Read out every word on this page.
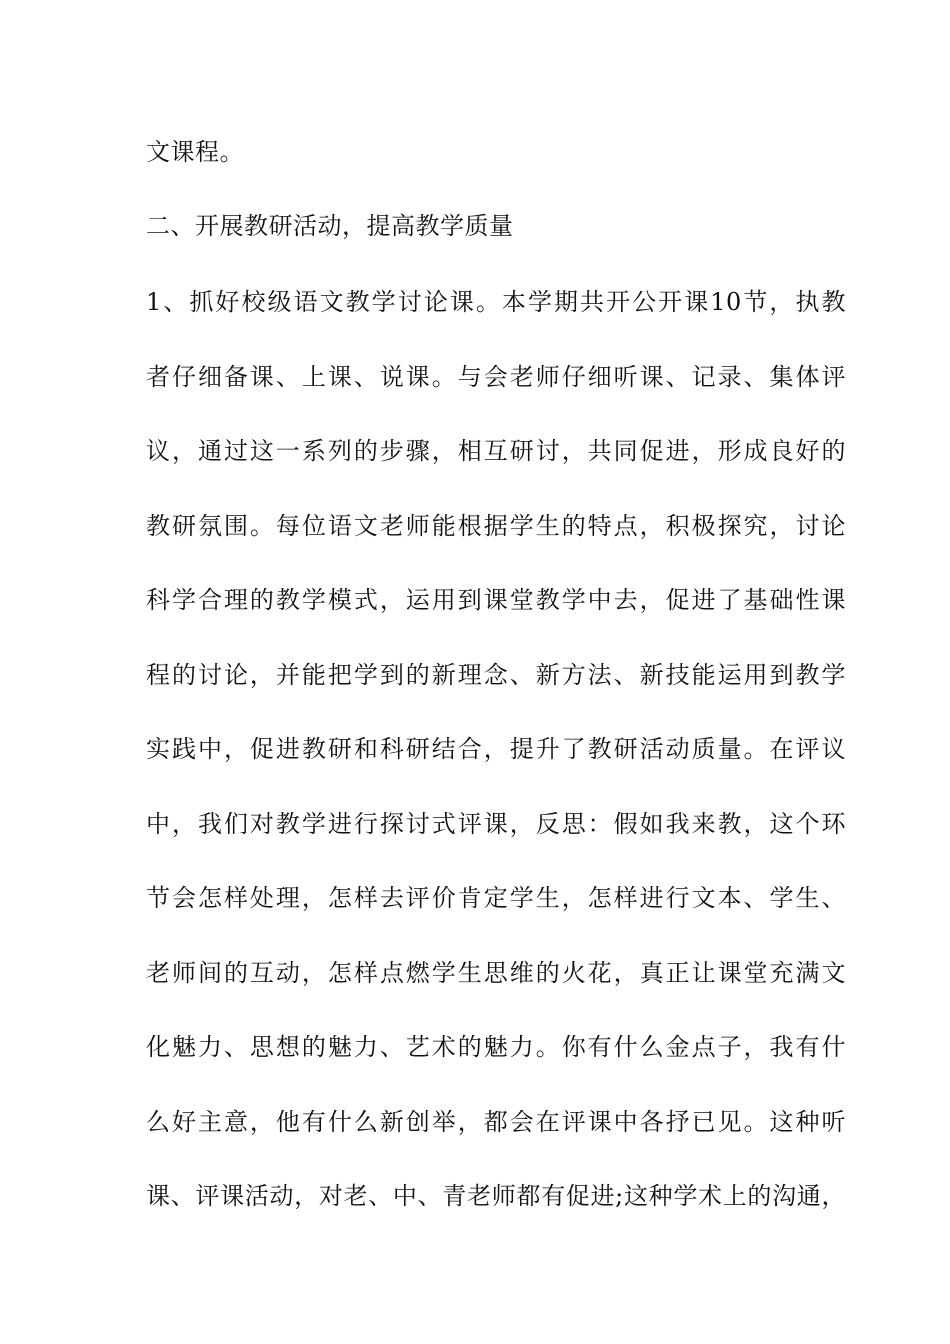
文课程。
二、开展教研活动，提高教学质量
1、抓好校级语文教学讨论课。本学期共开公开课10节，执教
者仔细备课、上课、说课。与会老师仔细听课、记录、集体评
议，通过这一系列的步骤，相互研讨，共同促进，形成良好的
教研氛围。每位语文老师能根据学生的特点，积极探究，讨论
科学合理的教学模式，运用到课堂教学中去，促进了基础性课
程的讨论，并能把学到的新理念、新方法、新技能运用到教学
实践中，促进教研和科研结合，提升了教研活动质量。在评议
中，我们对教学进行探讨式评课，反思：假如我来教，这个环
节会怎样处理，怎样去评价肯定学生，怎样进行文本、学生、
老师间的互动，怎样点燃学生思维的火花，真正让课堂充满文
化魅力、思想的魅力、艺术的魅力。你有什么金点子，我有什
么好主意，他有什么新创举，都会在评课中各抒已见。这种听
课、评课活动，对老、中、青老师都有促进;这种学术上的沟通，
